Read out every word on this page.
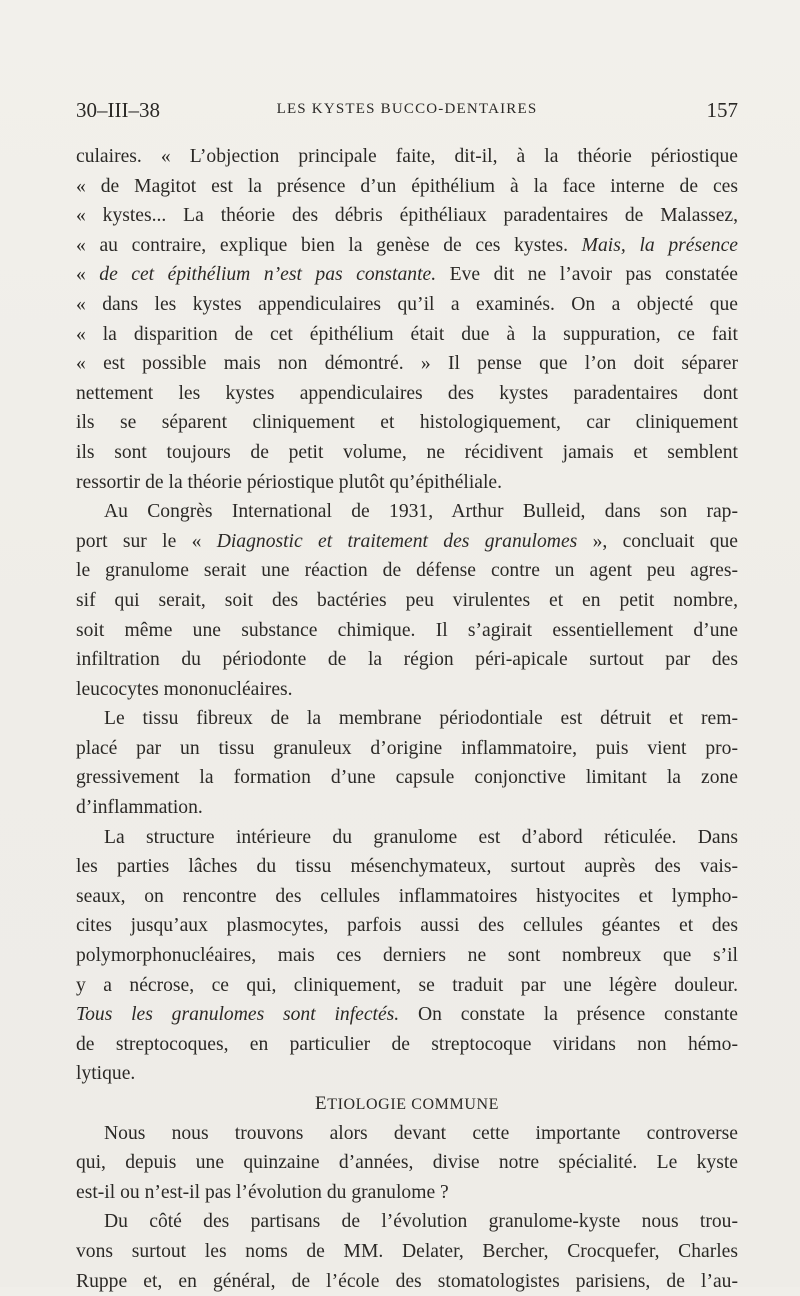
30–III–38	LES KYSTES BUCCO-DENTAIRES	157
culaires. « L’objection principale faite, dit-il, à la théorie périostique
« de Magitot est la présence d’un épithélium à la face interne de ces
« kystes... La théorie des débris épithéliaux paradentaires de Malassez,
« au contraire, explique bien la genèse de ces kystes. Mais, la présence
« de cet épithélium n’est pas constante. Eve dit ne l’avoir pas constatée
« dans les kystes appendiculaires qu’il a examinés. On a objecté que
« la disparition de cet épithélium était due à la suppuration, ce fait
« est possible mais non démontré. » Il pense que l’on doit séparer
nettement les kystes appendiculaires des kystes paradentaires dont
ils se séparent cliniquement et histologiquement, car cliniquement
ils sont toujours de petit volume, ne récidivent jamais et semblent
ressortir de la théorie périostique plutôt qu’épithéliale.
Au Congrès International de 1931, Arthur Bulleid, dans son rap-
port sur le « Diagnostic et traitement des granulomes », concluait que
le granulome serait une réaction de défense contre un agent peu agres-
sif qui serait, soit des bactéries peu virulentes et en petit nombre,
soit même une substance chimique. Il s’agirait essentiellement d’une
infiltration du périodonte de la région péri-apicale surtout par des
leucocytes mononucléaires.
Le tissu fibreux de la membrane périodontiale est détruit et rem-
placé par un tissu granuleux d’origine inflammatoire, puis vient pro-
gressivement la formation d’une capsule conjonctive limitant la zone
d’inflammation.
La structure intérieure du granulome est d’abord réticulée. Dans
les parties lâches du tissu mésenchymateux, surtout auprès des vais-
seaux, on rencontre des cellules inflammatoires histyocites et lympho-
cites jusqu’aux plasmocytes, parfois aussi des cellules géantes et des
polymorphonucléaires, mais ces derniers ne sont nombreux que s’il
y a nécrose, ce qui, cliniquement, se traduit par une légère douleur.
Tous les granulomes sont infectés. On constate la présence constante
de streptocoques, en particulier de streptocoque viridans non hémo-
lytique.
ETIOLOGIE COMMUNE
Nous nous trouvons alors devant cette importante controverse
qui, depuis une quinzaine d’années, divise notre spécialité. Le kyste
est-il ou n’est-il pas l’évolution du granulome ?
Du côté des partisans de l’évolution granulome-kyste nous trou-
vons surtout les noms de MM. Delater, Bercher, Crocquefer, Charles
Ruppe et, en général, de l’école des stomatologistes parisiens, de l’au-
